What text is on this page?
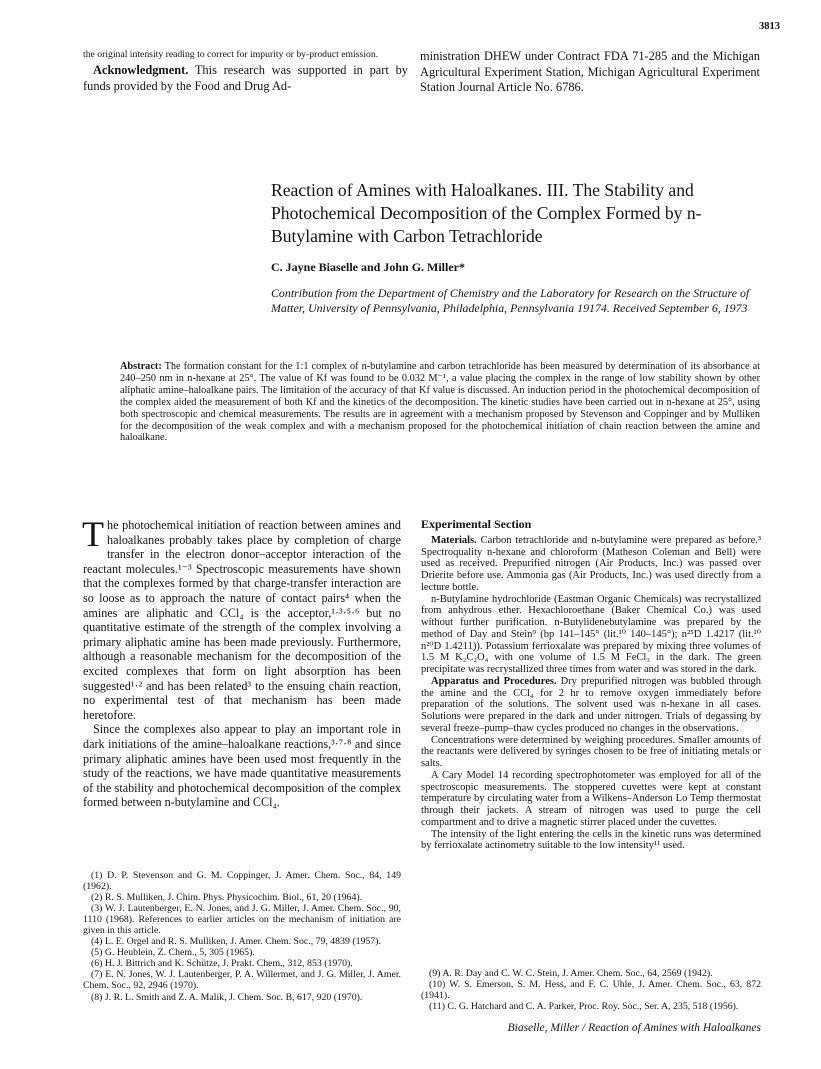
3813

the original intensity reading to correct for impurity or by-product emission.

Acknowledgment. This research was supported in part by funds provided by the Food and Drug Ad-

ministration DHEW under Contract FDA 71-285 and the Michigan Agricultural Experiment Station, Michigan Agricultural Experiment Station Journal Article No. 6786.

Reaction of Amines with Haloalkanes. III. The Stability and Photochemical Decomposition of the Complex Formed by n-Butylamine with Carbon Tetrachloride
C. Jayne Biaselle and John G. Miller*
Contribution from the Department of Chemistry and the Laboratory for Research on the Structure of Matter, University of Pennsylvania, Philadelphia, Pennsylvania 19174. Received September 6, 1973
Abstract: The formation constant for the 1:1 complex of n-butylamine and carbon tetrachloride has been measured by determination of its absorbance at 240–250 nm in n-hexane at 25°. The value of Kf was found to be 0.032 M⁻¹, a value placing the complex in the range of low stability shown by other aliphatic amine–haloalkane pairs. The limitation of the accuracy of that Kf value is discussed. An induction period in the photochemical decomposition of the complex aided the measurement of both Kf and the kinetics of the decomposition. The kinetic studies have been carried out in n-hexane at 25°, using both spectroscopic and chemical measurements. The results are in agreement with a mechanism proposed by Stevenson and Coppinger and by Mulliken for the decomposition of the weak complex and with a mechanism proposed for the photochemical initiation of chain reaction between the amine and haloalkane.

The photochemical initiation of reaction between amines and haloalkanes probably takes place by completion of charge transfer in the electron donor–acceptor interaction of the reactant molecules.¹⁻³ Spectroscopic measurements have shown that the complexes formed by that charge-transfer interaction are so loose as to approach the nature of contact pairs⁴ when the amines are aliphatic and CCl₄ is the acceptor,¹·³·⁵·⁶ but no quantitative estimate of the strength of the complex involving a primary aliphatic amine has been made previously. Furthermore, although a reasonable mechanism for the decomposition of the excited complexes that form on light absorption has been suggested¹·² and has been related³ to the ensuing chain reaction, no experimental test of that mechanism has been made heretofore.

Since the complexes also appear to play an important role in dark initiations of the amine–haloalkane reactions,³·⁷·⁸ and since primary aliphatic amines have been used most frequently in the study of the reactions, we have made quantitative measurements of the stability and photochemical decomposition of the complex formed between n-butylamine and CCl₄.

(1) D. P. Stevenson and G. M. Coppinger, J. Amer. Chem. Soc., 84, 149 (1962).

(2) R. S. Mulliken, J. Chim. Phys. Physicochim. Biol., 61, 20 (1964).

(3) W. J. Lautenberger, E. N. Jones, and J. G. Miller, J. Amer. Chem. Soc., 90, 1110 (1968). References to earlier articles on the mechanism of initiation are given in this article.

(4) L. E. Orgel and R. S. Mulliken, J. Amer. Chem. Soc., 79, 4839 (1957).

(5) G. Heublein, Z. Chem., 5, 305 (1965).

(6) H. J. Bittrich and K. Schütze, J. Prakt. Chem., 312, 853 (1970).

(7) E. N. Jones, W. J. Lautenberger, P. A. Willermet, and J. G. Miller, J. Amer. Chem. Soc., 92, 2946 (1970).

(8) J. R. L. Smith and Z. A. Malik, J. Chem. Soc. B, 617, 920 (1970).

Experimental Section

Materials. Carbon tetrachloride and n-butylamine were prepared as before.³ Spectroquality n-hexane and chloroform (Matheson Coleman and Bell) were used as received. Prepurified nitrogen (Air Products, Inc.) was passed over Drierite before use. Ammonia gas (Air Products, Inc.) was used directly from a lecture bottle.

n-Butylamine hydrochloride (Eastman Organic Chemicals) was recrystallized from anhydrous ether. Hexachloroethane (Baker Chemical Co.) was used without further purification. n-Butylidenebutylamine was prepared by the method of Day and Stein⁹ (bp 141–145° (lit.¹⁰ 140–145°); n²⁵D 1.4217 (lit.¹⁰ n²⁰D 1.4211)). Potassium ferrioxalate was prepared by mixing three volumes of 1.5 M K₂C₂O₄ with one volume of 1.5 M FeCl₃ in the dark. The green precipitate was recrystallized three times from water and was stored in the dark.

Apparatus and Procedures. Dry prepurified nitrogen was bubbled through the amine and the CCl₄ for 2 hr to remove oxygen immediately before preparation of the solutions. The solvent used was n-hexane in all cases. Solutions were prepared in the dark and under nitrogen. Trials of degassing by several freeze–pump–thaw cycles produced no changes in the observations.

Concentrations were determined by weighing procedures. Smaller amounts of the reactants were delivered by syringes chosen to be free of initiating metals or salts.

A Cary Model 14 recording spectrophotometer was employed for all of the spectroscopic measurements. The stoppered cuvettes were kept at constant temperature by circulating water from a Wilkens–Anderson Lo Temp thermostat through their jackets. A stream of nitrogen was used to purge the cell compartment and to drive a magnetic stirrer placed under the cuvettes.

The intensity of the light entering the cells in the kinetic runs was determined by ferrioxalate actinometry suitable to the low intensity¹¹ used.

(9) A. R. Day and C. W. C. Stein, J. Amer. Chem. Soc., 64, 2569 (1942).

(10) W. S. Emerson, S. M. Hess, and F. C. Uhle, J. Amer. Chem. Soc., 63, 872 (1941).

(11) C. G. Hatchard and C. A. Parker, Proc. Roy. Soc., Ser. A, 235, 518 (1956).

Biaselle, Miller / Reaction of Amines with Haloalkanes
